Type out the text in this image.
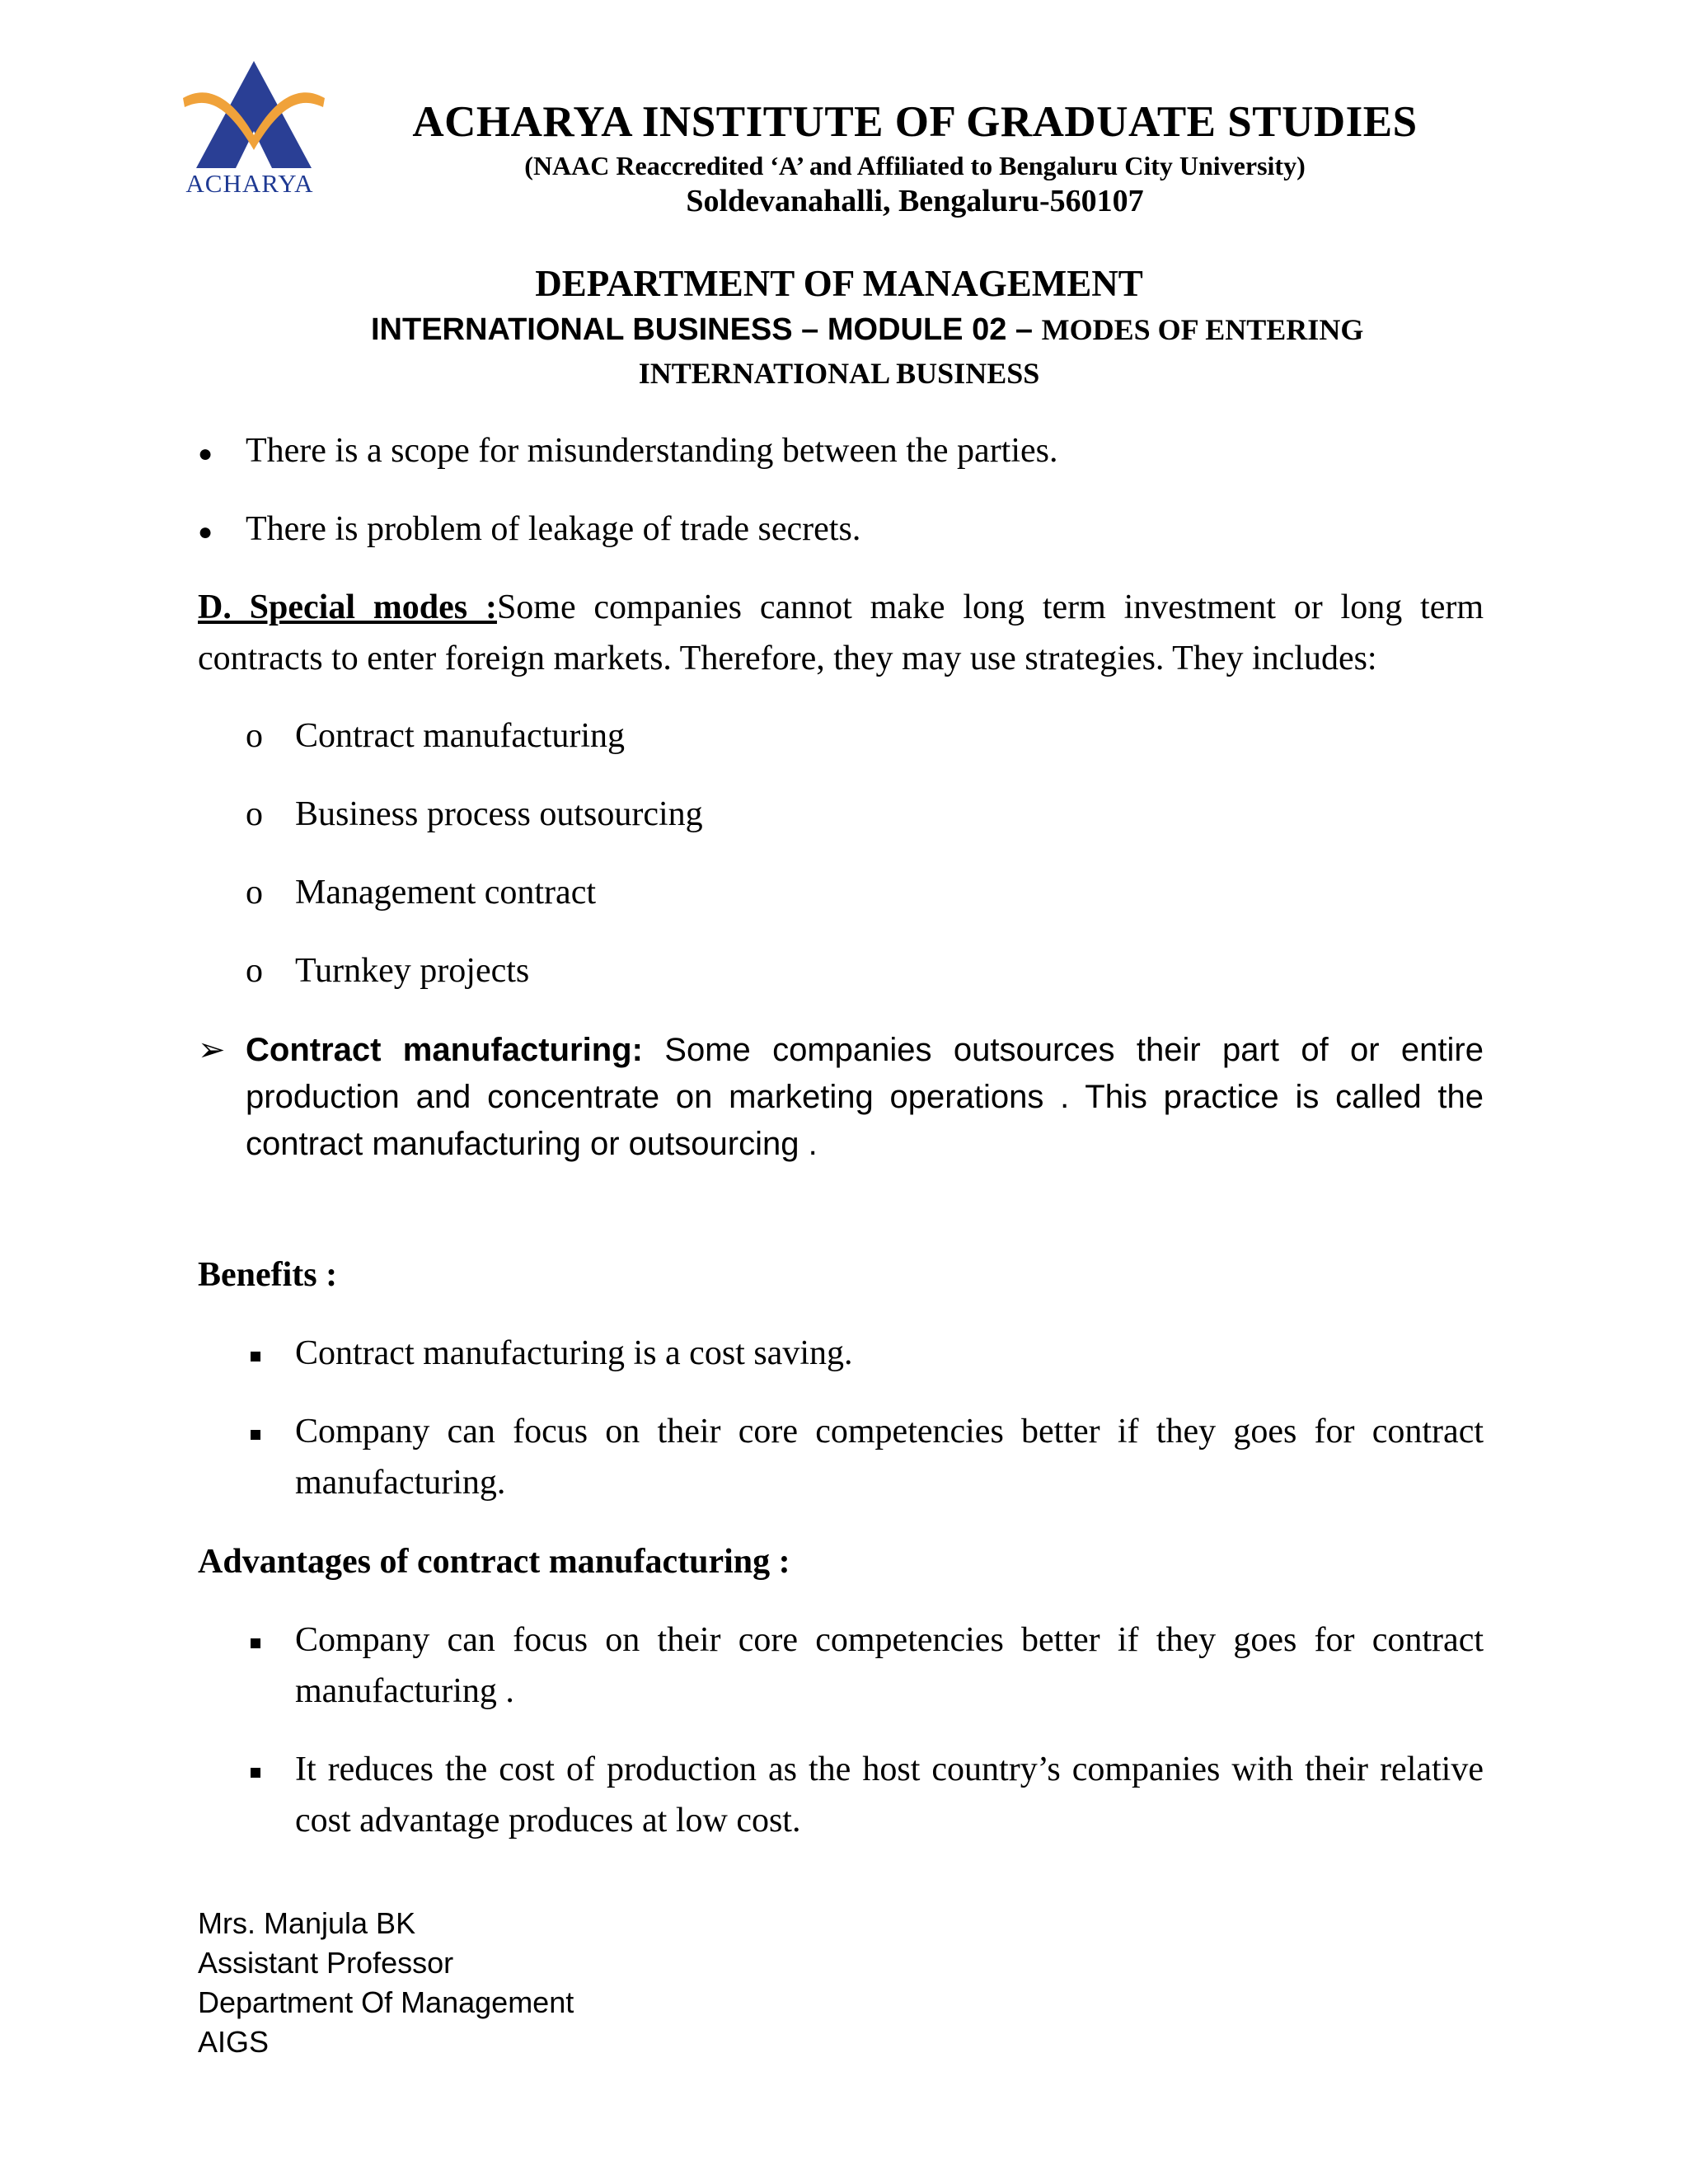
ACHARYA
ACHARYA INSTITUTE OF GRADUATE STUDIES
(NAAC Reaccredited ‘A’ and Affiliated to Bengaluru City University)
Soldevanahalli, Bengaluru-560107
DEPARTMENT OF MANAGEMENT
INTERNATIONAL BUSINESS – MODULE 02 – MODES OF ENTERING
INTERNATIONAL BUSINESS
● There is a scope for misunderstanding between the parties.
● There is problem of leakage of trade secrets.
D. Special modes :Some companies cannot make long term investment or long term contracts to enter foreign markets. Therefore, they may use strategies. They includes:
o Contract manufacturing
o Business process outsourcing
o Management contract
o Turnkey projects
➢ Contract manufacturing: Some companies outsources their part of or entire production and concentrate on marketing operations . This practice is called the contract manufacturing or outsourcing .
Benefits :
Contract manufacturing is a cost saving.
Company can focus on their core competencies better if they goes for contract manufacturing.
Advantages of contract manufacturing :
Company can focus on their core competencies better if they goes for contract manufacturing .
It reduces the cost of production as the host country’s companies with their relative cost advantage produces at low cost.
Mrs. Manjula BK
Assistant Professor
Department Of Management
AIGS
